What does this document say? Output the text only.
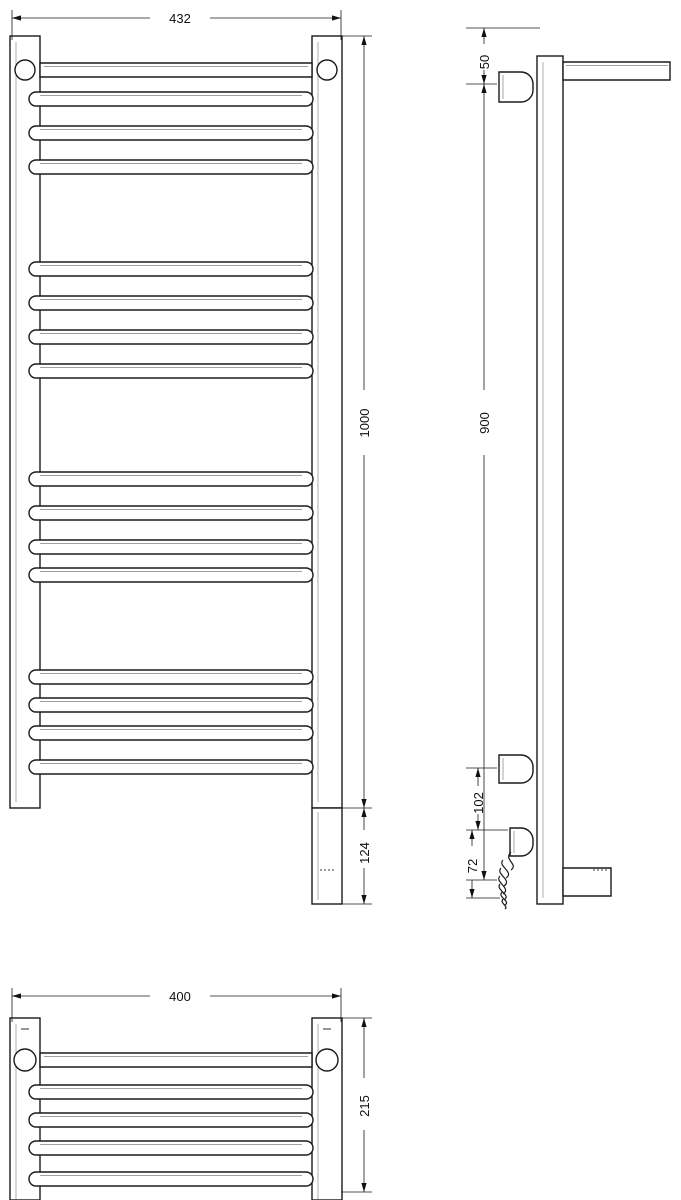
432
1000
124
50
900
102
72
400
215
